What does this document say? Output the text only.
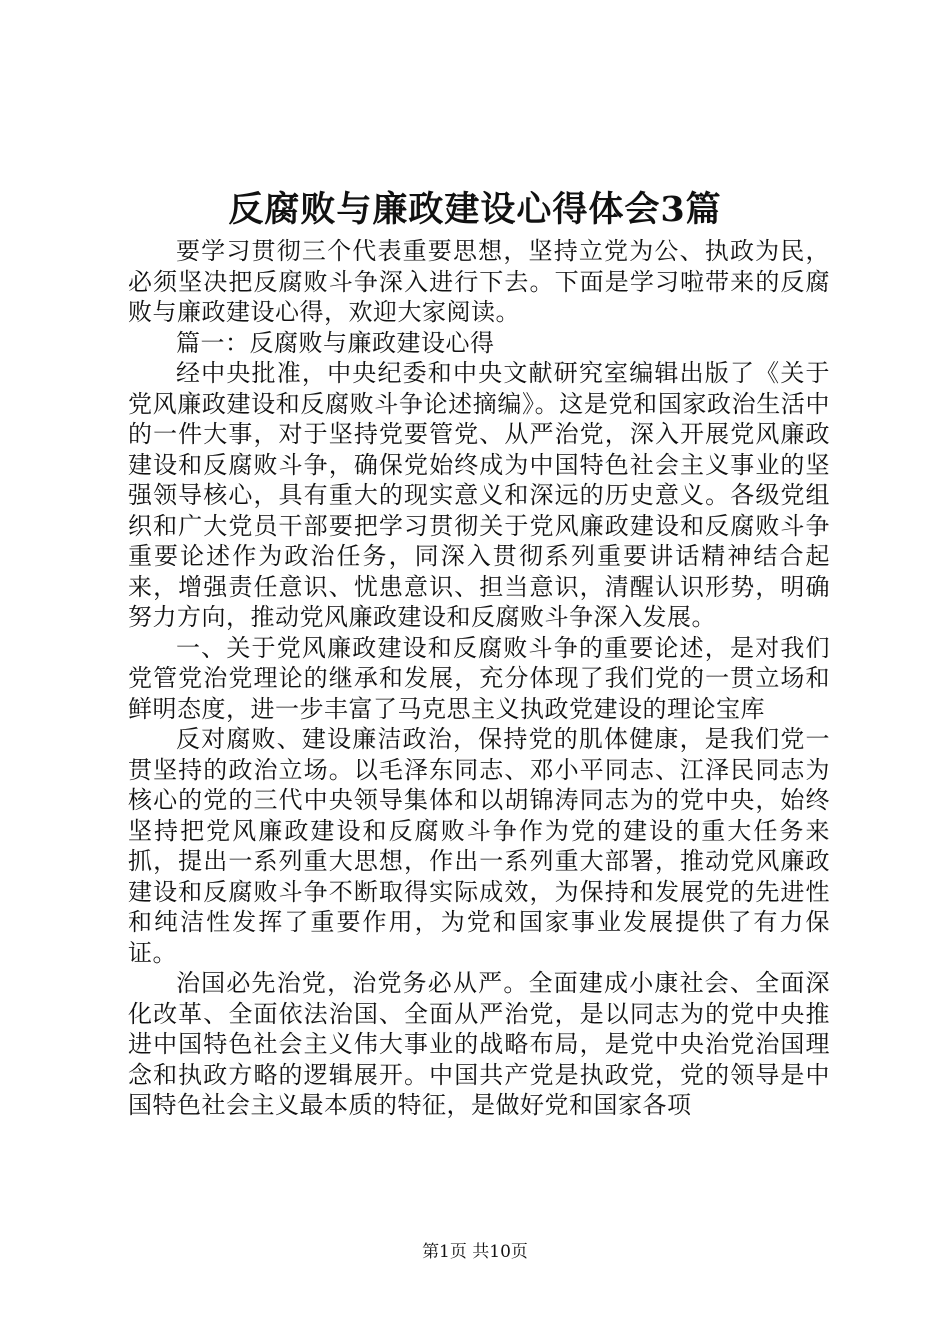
反腐败与廉政建设心得体会3篇

要学习贯彻三个代表重要思想，坚持立党为公、执政为民，必须坚决把反腐败斗争深入进行下去。下面是学习啦带来的反腐败与廉政建设心得，欢迎大家阅读。

篇一：反腐败与廉政建设心得

经中央批准，中央纪委和中央文献研究室编辑出版了《关于党风廉政建设和反腐败斗争论述摘编》。这是党和国家政治生活中的一件大事，对于坚持党要管党、从严治党，深入开展党风廉政建设和反腐败斗争，确保党始终成为中国特色社会主义事业的坚强领导核心，具有重大的现实意义和深远的历史意义。各级党组织和广大党员干部要把学习贯彻关于党风廉政建设和反腐败斗争重要论述作为政治任务，同深入贯彻系列重要讲话精神结合起来，增强责任意识、忧患意识、担当意识，清醒认识形势，明确努力方向，推动党风廉政建设和反腐败斗争深入发展。

一、关于党风廉政建设和反腐败斗争的重要论述，是对我们党管党治党理论的继承和发展，充分体现了我们党的一贯立场和鲜明态度，进一步丰富了马克思主义执政党建设的理论宝库

反对腐败、建设廉洁政治，保持党的肌体健康，是我们党一贯坚持的政治立场。以毛泽东同志、邓小平同志、江泽民同志为核心的党的三代中央领导集体和以胡锦涛同志为的党中央，始终坚持把党风廉政建设和反腐败斗争作为党的建设的重大任务来抓，提出一系列重大思想，作出一系列重大部署，推动党风廉政建设和反腐败斗争不断取得实际成效，为保持和发展党的先进性和纯洁性发挥了重要作用，为党和国家事业发展提供了有力保证。

治国必先治党，治党务必从严。全面建成小康社会、全面深化改革、全面依法治国、全面从严治党，是以同志为的党中央推进中国特色社会主义伟大事业的战略布局，是党中央治党治国理念和执政方略的逻辑展开。中国共产党是执政党，党的领导是中国特色社会主义最本质的特征，是做好党和国家各项

第1页 共10页
